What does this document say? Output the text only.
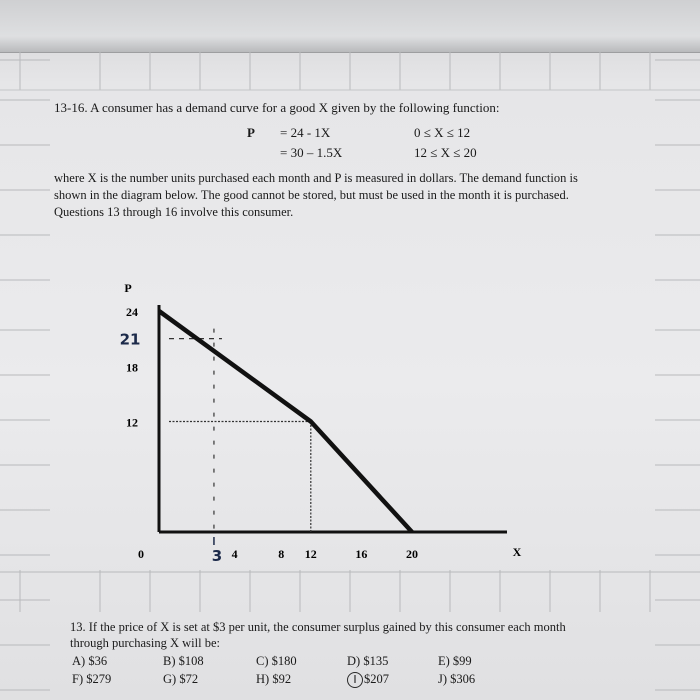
13-16. A consumer has a demand curve for a good X given by the following function:
P = 24 - 1X	0 ≤ X ≤ 12
= 30 – 1.5X	12 ≤ X ≤ 20
where X is the number units purchased each month and P is measured in dollars. The demand function is
shown in the diagram below. The good cannot be stored, but must be used in the month it is purchased.
Questions 13 through 16 involve this consumer.
P
X
24
18
12
0	4	8 12	16	20
21
3
13. If the price of X is set at $3 per unit, the consumer surplus gained by this consumer each month
through purchasing X will be:
A) $36	B) $108	C) $180	D) $135	E) $99
F) $279	G) $72	H) $92	I $207	J) $306
